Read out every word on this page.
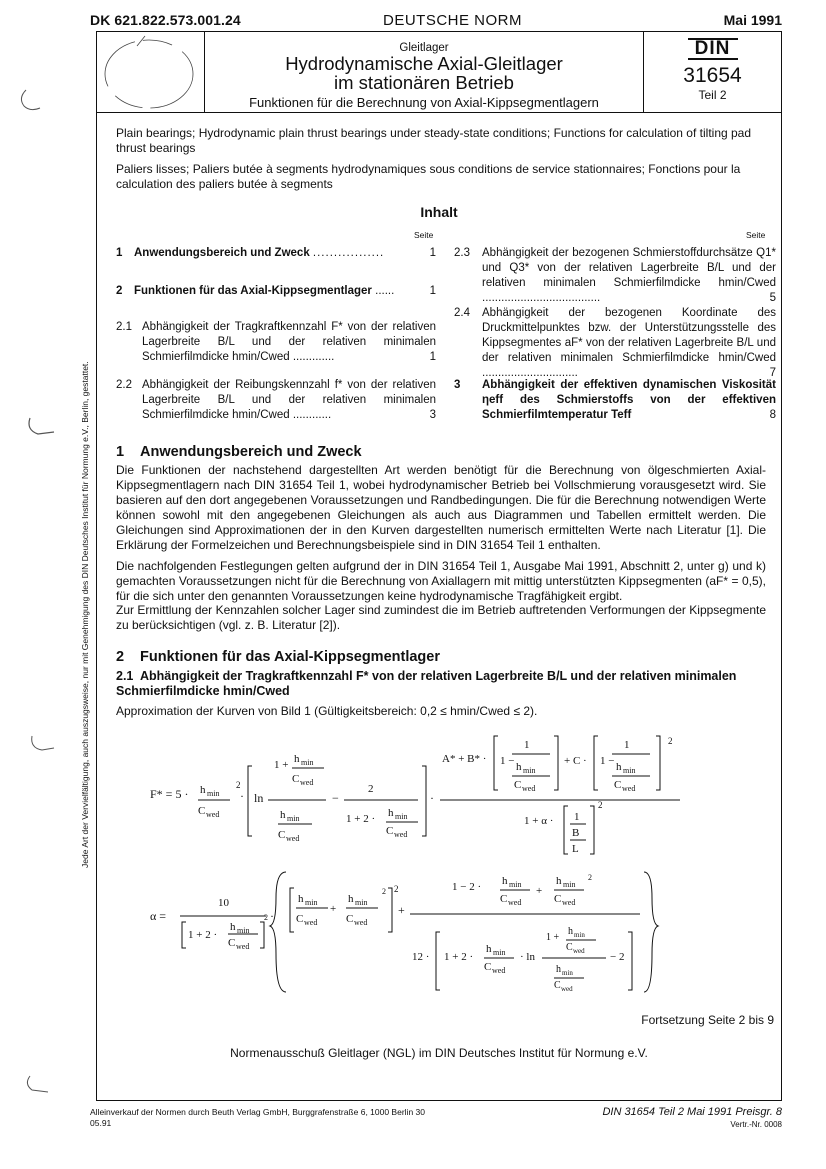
DK 621.822.573.001.24	DEUTSCHE NORM	Mai 1991
Jede Art der Vervielfältigung, auch auszugsweise, nur mit Genehmigung des DIN Deutsches Institut für Normung e.V., Berlin, gestattet.
Gleitlager
Hydrodynamische Axial-Gleitlager
im stationären Betrieb
Funktionen für die Berechnung von Axial-Kippsegmentlagern
DIN
31654
Teil 2
Plain bearings; Hydrodynamic plain thrust bearings under steady-state conditions; Functions for calculation of tilting pad thrust bearings
Paliers lisses; Paliers butée à segments hydrodynamiques sous conditions de service stationnaires; Fonctions pour la calculation des paliers butée à segments
Inhalt
Seite	Seite
1 Anwendungsbereich und Zweck .................	1
2 Funktionen für das Axial-Kippsegmentlager ......	1
2.1 Abhängigkeit der Tragkraftkennzahl F* von der relativen Lagerbreite B/L und der relativen minimalen Schmierfilmdicke hmin/Cwed .............	1
2.2 Abhängigkeit der Reibungskennzahl f* von der relativen Lagerbreite B/L und der relativen minimalen Schmierfilmdicke hmin/Cwed ............	3
2.3 Abhängigkeit der bezogenen Schmierstoffdurchsätze Q1* und Q3* von der relativen Lagerbreite B/L und der relativen minimalen Schmierfilmdicke hmin/Cwed .....................................	5
2.4 Abhängigkeit der bezogenen Koordinate des Druckmittelpunktes bzw. der Unterstützungsstelle des Kippsegmentes aF* von der relativen Lagerbreite B/L und der relativen minimalen Schmierfilmdicke hmin/Cwed ..............................	7
3 Abhängigkeit der effektiven dynamischen Viskosität ηeff des Schmierstoffs von der effektiven Schmierfilmtemperatur Teff	8
1 Anwendungsbereich und Zweck
Die Funktionen der nachstehend dargestellten Art werden benötigt für die Berechnung von ölgeschmierten Axial-Kippsegmentlagern nach DIN 31654 Teil 1, wobei hydrodynamischer Betrieb bei Vollschmierung vorausgesetzt wird. Sie basieren auf den dort angegebenen Voraussetzungen und Randbedingungen. Die für die Berechnung notwendigen Werte können sowohl mit den angegebenen Gleichungen als auch aus Diagrammen und Tabellen ermittelt werden. Die Gleichungen sind Approximationen der in den Kurven dargestellten numerisch ermittelten Werte nach Literatur [1]. Die Erklärung der Formelzeichen und Berechnungsbeispiele sind in DIN 31654 Teil 1 enthalten.
Die nachfolgenden Festlegungen gelten aufgrund der in DIN 31654 Teil 1, Ausgabe Mai 1991, Abschnitt 2, unter g) und k) gemachten Voraussetzungen nicht für die Berechnung von Axiallagern mit mittig unterstützten Kippsegmenten (aF* = 0,5), für die sich unter den genannten Voraussetzungen keine hydrodynamische Tragfähigkeit ergibt.
Zur Ermittlung der Kennzahlen solcher Lager sind zumindest die im Betrieb auftretenden Verformungen der Kippsegmente zu berücksichtigen (vgl. z. B. Literatur [2]).
2 Funktionen für das Axial-Kippsegmentlager
2.1 Abhängigkeit der Tragkraftkennzahl F* von der relativen Lagerbreite B/L und der relativen minimalen Schmierfilmdicke hmin/Cwed
Approximation der Kurven von Bild 1 (Gültigkeitsbereich: 0,2 ≤ hmin/Cwed ≤ 2).
F* = 5 · h min
C wed
2
· ln
1 + h min
C wed
h min
C wed
−
2
1 + 2 · h min
C wed
·
A* + B* · 1 −
1
h min
C wed
+ C · 1 −
1
h min
C wed
2
1 + α · 1
B
L
2
α =
10
1 + 2 ·
h min
C wed
2 ·
h min
C wed
+
h min
C wed
2 2
+
1 − 2 · h min
C wed
+
h min
C wed
2
12 · 1 + 2 ·
h min
C wed
· ln
1 +
h min
C wed
h min
C wed
− 2
Fortsetzung Seite 2 bis 9
Normenausschuß Gleitlager (NGL) im DIN Deutsches Institut für Normung e.V.
Alleinverkauf der Normen durch Beuth Verlag GmbH, Burggrafenstraße 6, 1000 Berlin 30
05.91
DIN 31654 Teil 2 Mai 1991 Preisgr. 8
Vertr.-Nr. 0008
